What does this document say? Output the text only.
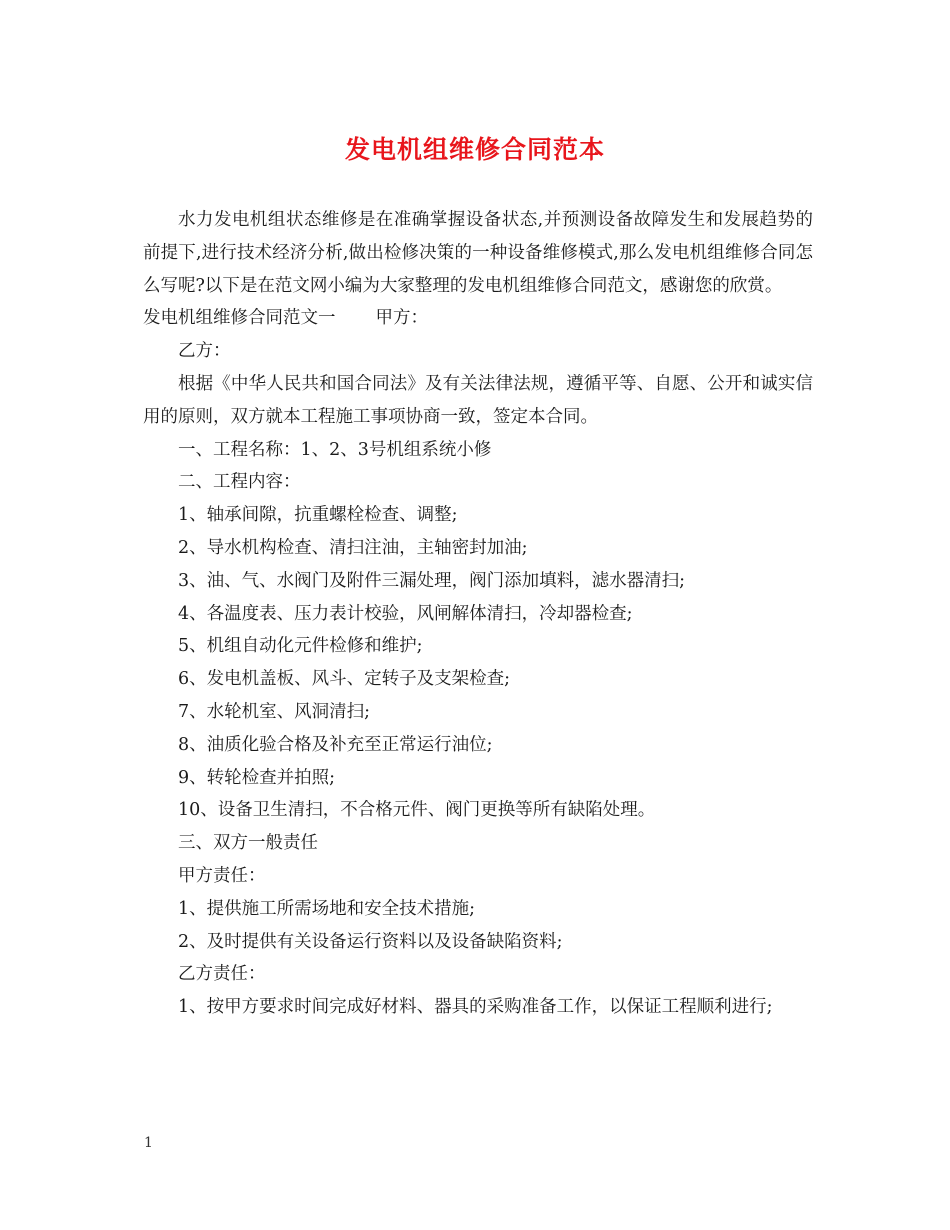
发电机组维修合同范本

水力发电机组状态维修是在准确掌握设备状态,并预测设备故障发生和发展趋势的前提下,进行技术经济分析,做出检修决策的一种设备维修模式,那么发电机组维修合同怎么写呢?以下是在范文网小编为大家整理的发电机组维修合同范文，感谢您的欣赏。

发电机组维修合同范文一 甲方：

乙方：

根据《中华人民共和国合同法》及有关法律法规，遵循平等、自愿、公开和诚实信用的原则，双方就本工程施工事项协商一致，签定本合同。

一、工程名称：1、2、3号机组系统小修

二、工程内容：

1、轴承间隙，抗重螺栓检查、调整;

2、导水机构检查、清扫注油，主轴密封加油;

3、油、气、水阀门及附件三漏处理，阀门添加填料，滤水器清扫;

4、各温度表、压力表计校验，风闸解体清扫，冷却器检查;

5、机组自动化元件检修和维护;

6、发电机盖板、风斗、定转子及支架检查;

7、水轮机室、风洞清扫;

8、油质化验合格及补充至正常运行油位;

9、转轮检查并拍照;

10、设备卫生清扫，不合格元件、阀门更换等所有缺陷处理。

三、双方一般责任

甲方责任：

1、提供施工所需场地和安全技术措施;

2、及时提供有关设备运行资料以及设备缺陷资料;

乙方责任：

1、按甲方要求时间完成好材料、器具的采购准备工作，以保证工程顺利进行;

1
